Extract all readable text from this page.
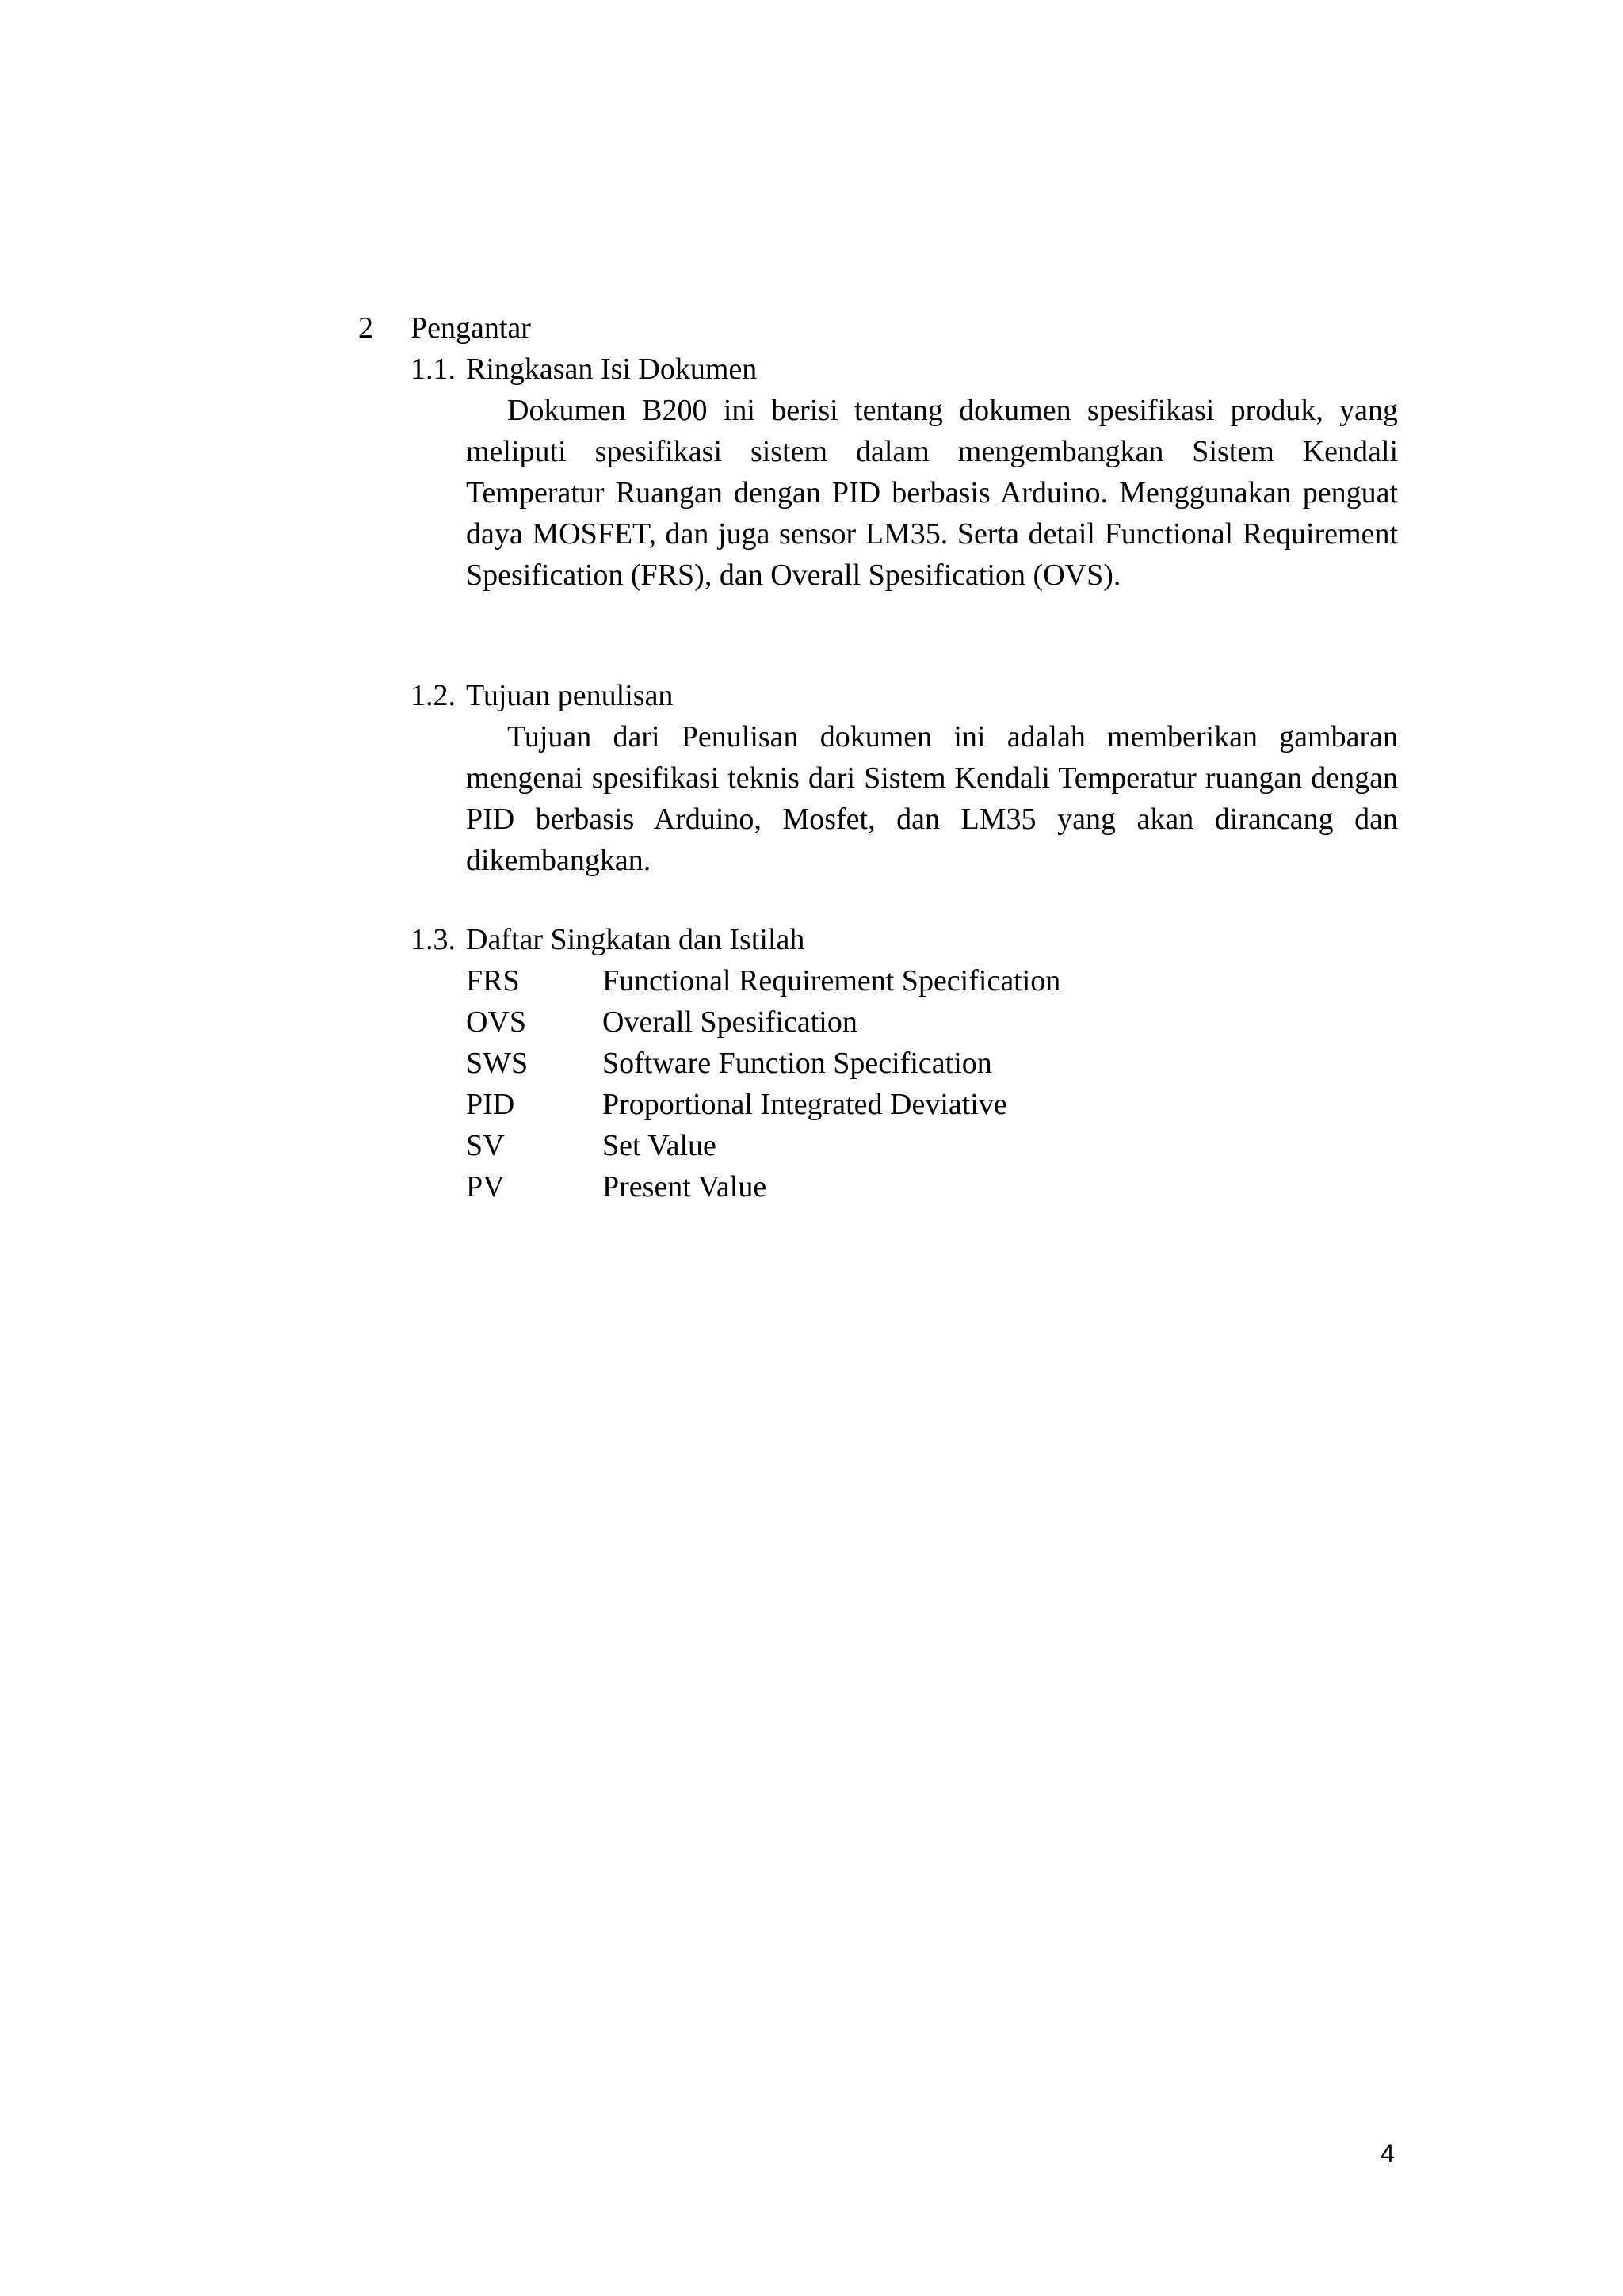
2 Pengantar
1.1. Ringkasan Isi Dokumen

Dokumen B200 ini berisi tentang dokumen spesifikasi produk, yang meliputi spesifikasi sistem dalam mengembangkan Sistem Kendali Temperatur Ruangan dengan PID berbasis Arduino. Menggunakan penguat daya MOSFET, dan juga sensor LM35. Serta detail Functional Requirement Spesification (FRS), dan Overall Spesification (OVS).

1.2. Tujuan penulisan

Tujuan dari Penulisan dokumen ini adalah memberikan gambaran mengenai spesifikasi teknis dari Sistem Kendali Temperatur ruangan dengan PID berbasis Arduino, Mosfet, dan LM35 yang akan dirancang dan dikembangkan.

1.3. Daftar Singkatan dan Istilah
FRS	Functional Requirement Specification
OVS	Overall Spesification
SWS Software Function Specification
PID	Proportional Integrated Deviative
SV	Set Value
PV	Present Value
4
